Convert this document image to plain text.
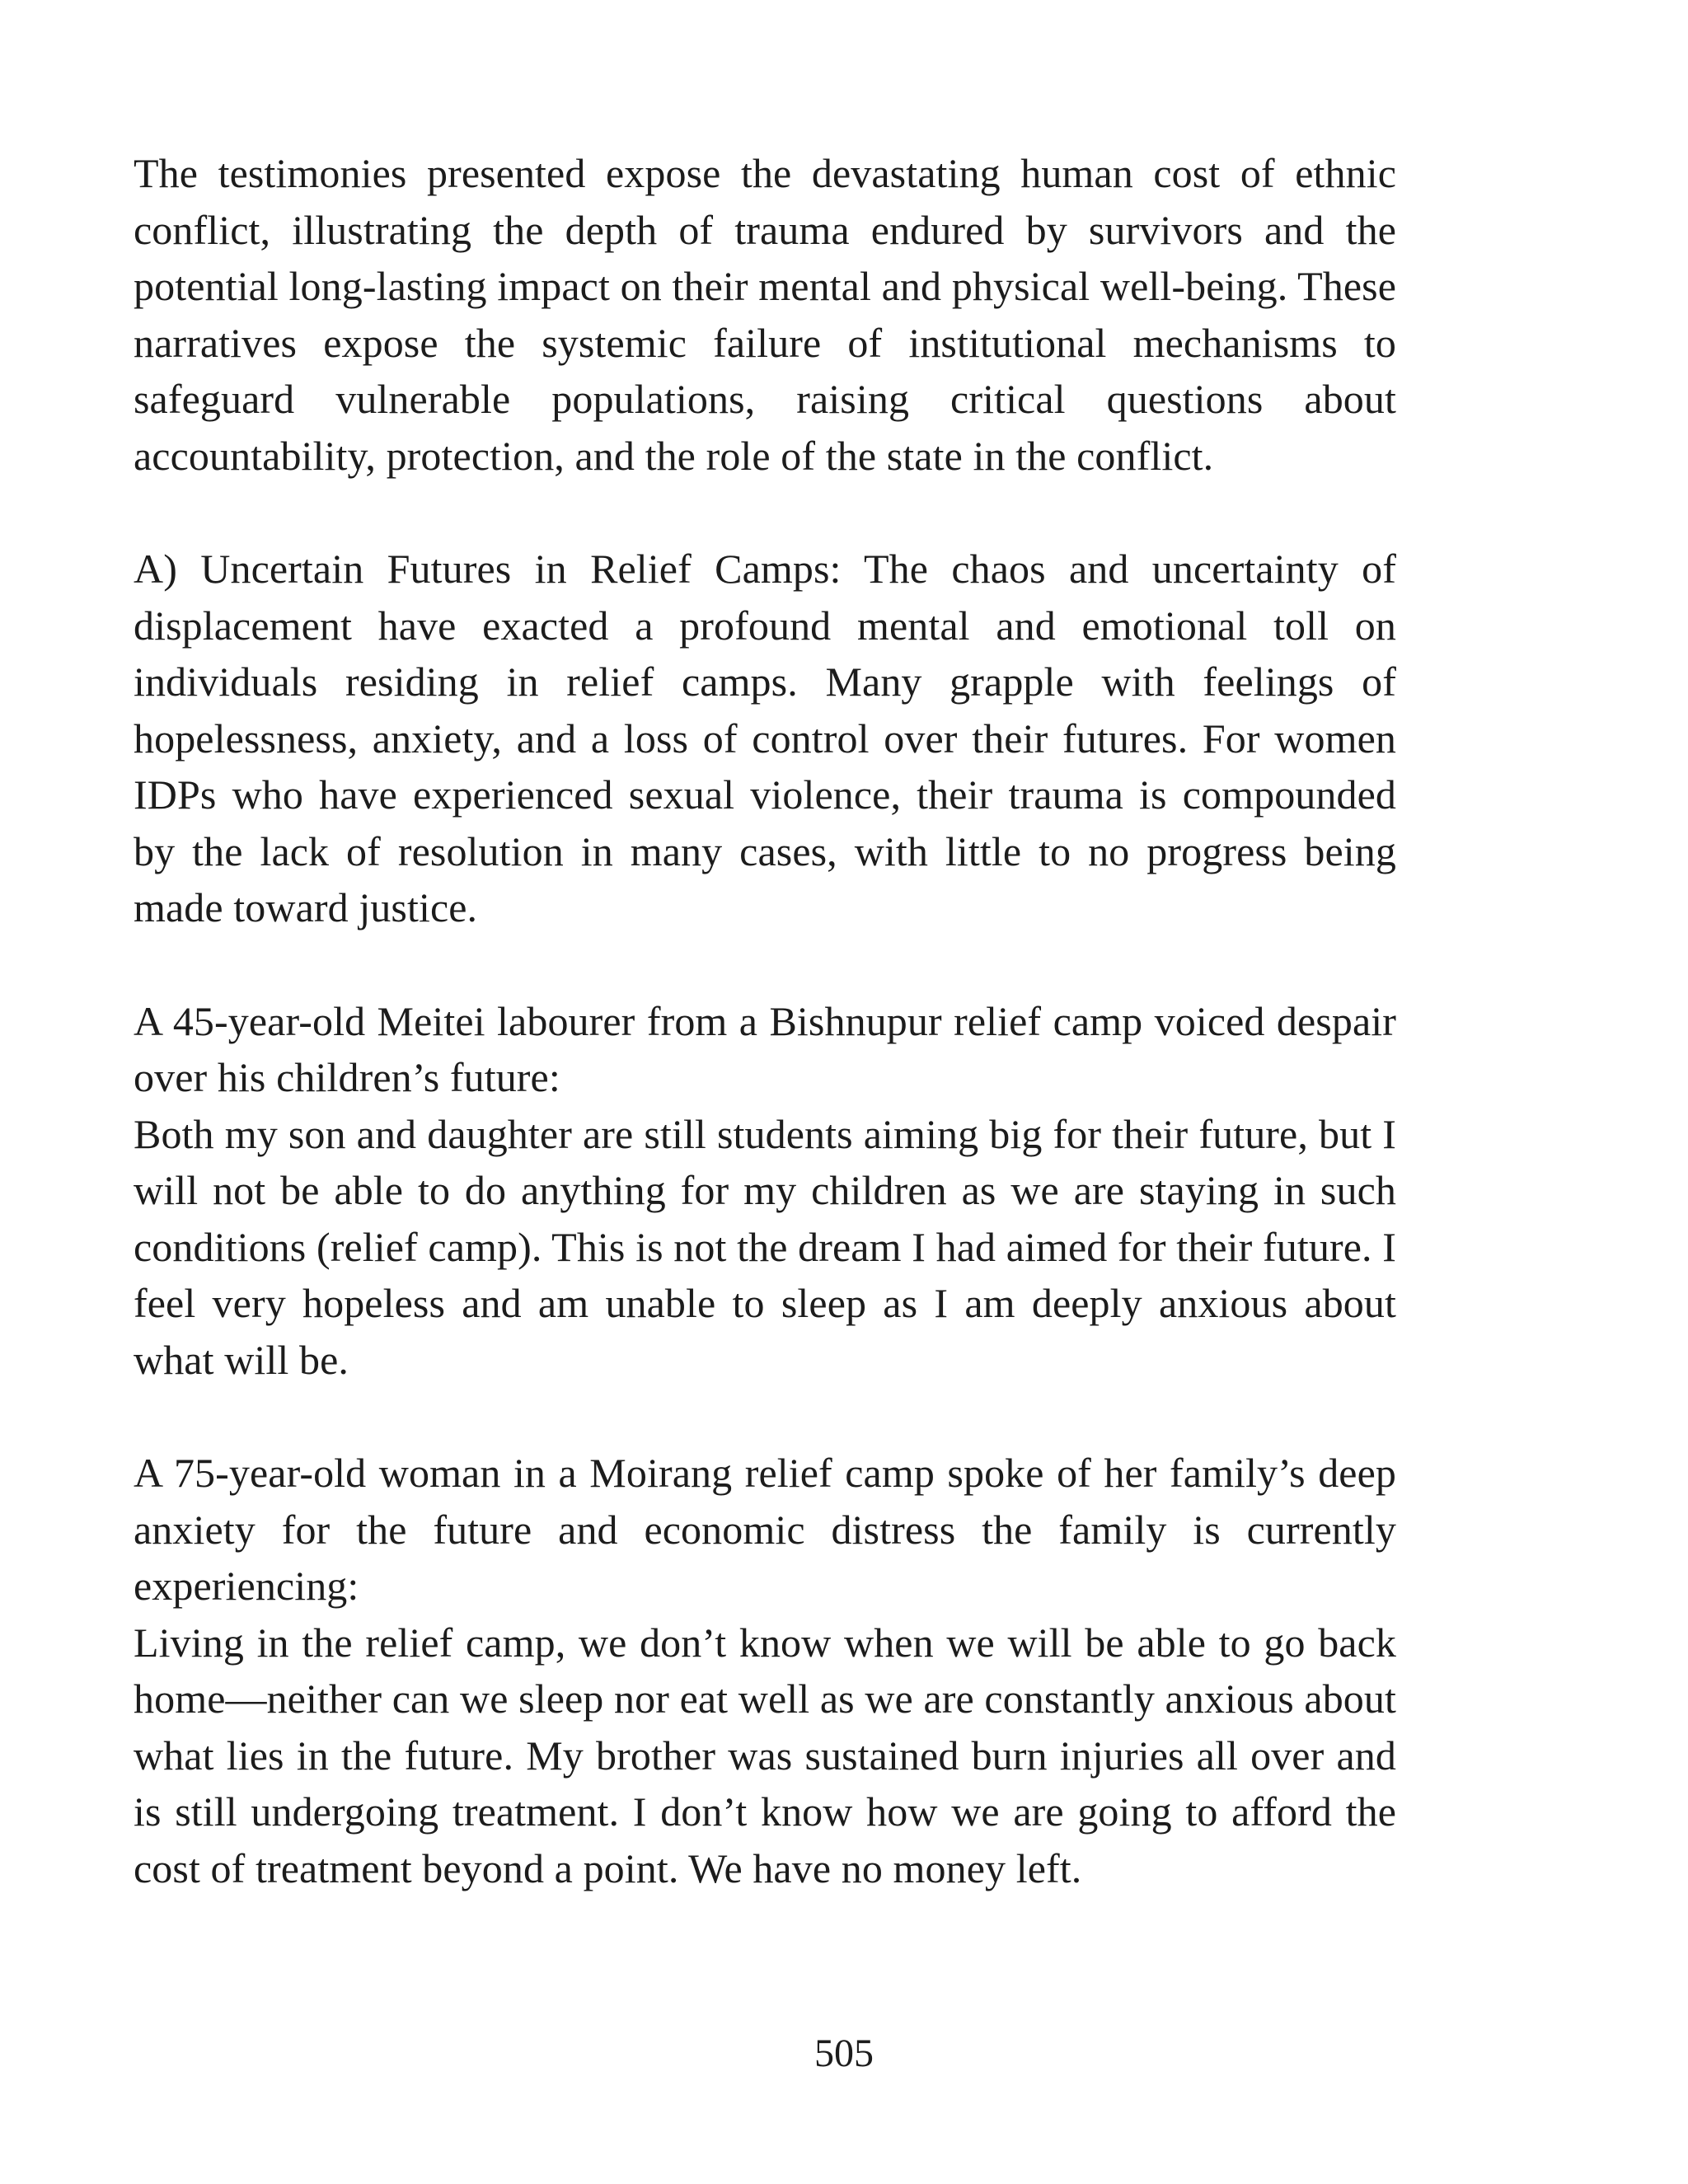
The testimonies presented expose the devastating human cost of ethnic conflict, illustrating the depth of trauma endured by survivors and the potential long-lasting impact on their mental and physical well-being. These narratives expose the systemic failure of institutional mechanisms to safeguard vulnerable populations, raising critical questions about accountability, protection, and the role of the state in the conflict.

A) Uncertain Futures in Relief Camps: The chaos and uncertainty of displacement have exacted a profound mental and emotional toll on individuals residing in relief camps. Many grapple with feelings of hopelessness, anxiety, and a loss of control over their futures. For women IDPs who have experienced sexual violence, their trauma is compounded by the lack of resolution in many cases, with little to no progress being made toward justice.

A 45-year-old Meitei labourer from a Bishnupur relief camp voiced despair over his children’s future:

Both my son and daughter are still students aiming big for their future, but I will not be able to do anything for my children as we are staying in such conditions (relief camp). This is not the dream I had aimed for their future. I feel very hopeless and am unable to sleep as I am deeply anxious about what will be.

A 75-year-old woman in a Moirang relief camp spoke of her family’s deep anxiety for the future and economic distress the family is currently experiencing:

Living in the relief camp, we don’t know when we will be able to go back home—neither can we sleep nor eat well as we are constantly anxious about what lies in the future. My brother was sustained burn injuries all over and is still undergoing treatment. I don’t know how we are going to afford the cost of treatment beyond a point. We have no money left.

505
